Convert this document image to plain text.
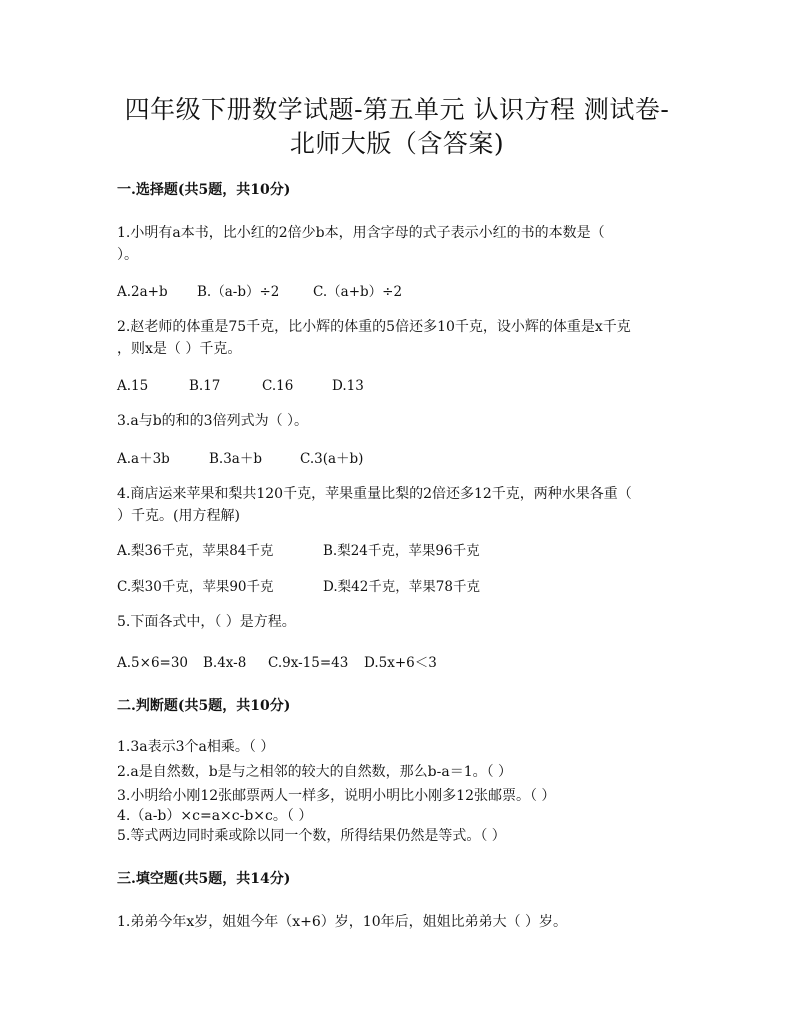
四年级下册数学试题-第五单元 认识方程 测试卷-
北师大版（含答案)
一.选择题(共5题，共10分)
1.小明有a本书，比小红的2倍少b本，用含字母的式子表示小红的书的本数是（
）。
A.2a+b B.（a-b）÷2 C.（a+b）÷2
2.赵老师的体重是75千克，比小辉的体重的5倍还多10千克，设小辉的体重是x千克
，则x是（ ）千克。
A.15	B.17	C.16	D.13
3.a与b的和的3倍列式为（ ）。
A.a＋3b	B.3a＋b	C.3(a＋b)
4.商店运来苹果和梨共120千克，苹果重量比梨的2倍还多12千克，两种水果各重（
）千克。(用方程解)
A.梨36千克，苹果84千克	B.梨24千克，苹果96千克
C.梨30千克，苹果90千克	D.梨42千克，苹果78千克
5.下面各式中，（ ）是方程。
A.5×6=30 B.4x-8 C.9x-15=43 D.5x+6＜3
二.判断题(共5题，共10分)
1.3a表示3个a相乘。（ ）
2.a是自然数，b是与之相邻的较大的自然数，那么b-a＝1。（ ）
3.小明给小刚12张邮票两人一样多，说明小明比小刚多12张邮票。（ ）
4.（a-b）×c=a×c-b×c。（ ）
5.等式两边同时乘或除以同一个数，所得结果仍然是等式。（ ）
三.填空题(共5题，共14分)
1.弟弟今年x岁，姐姐今年（x+6）岁，10年后，姐姐比弟弟大（ ）岁。
